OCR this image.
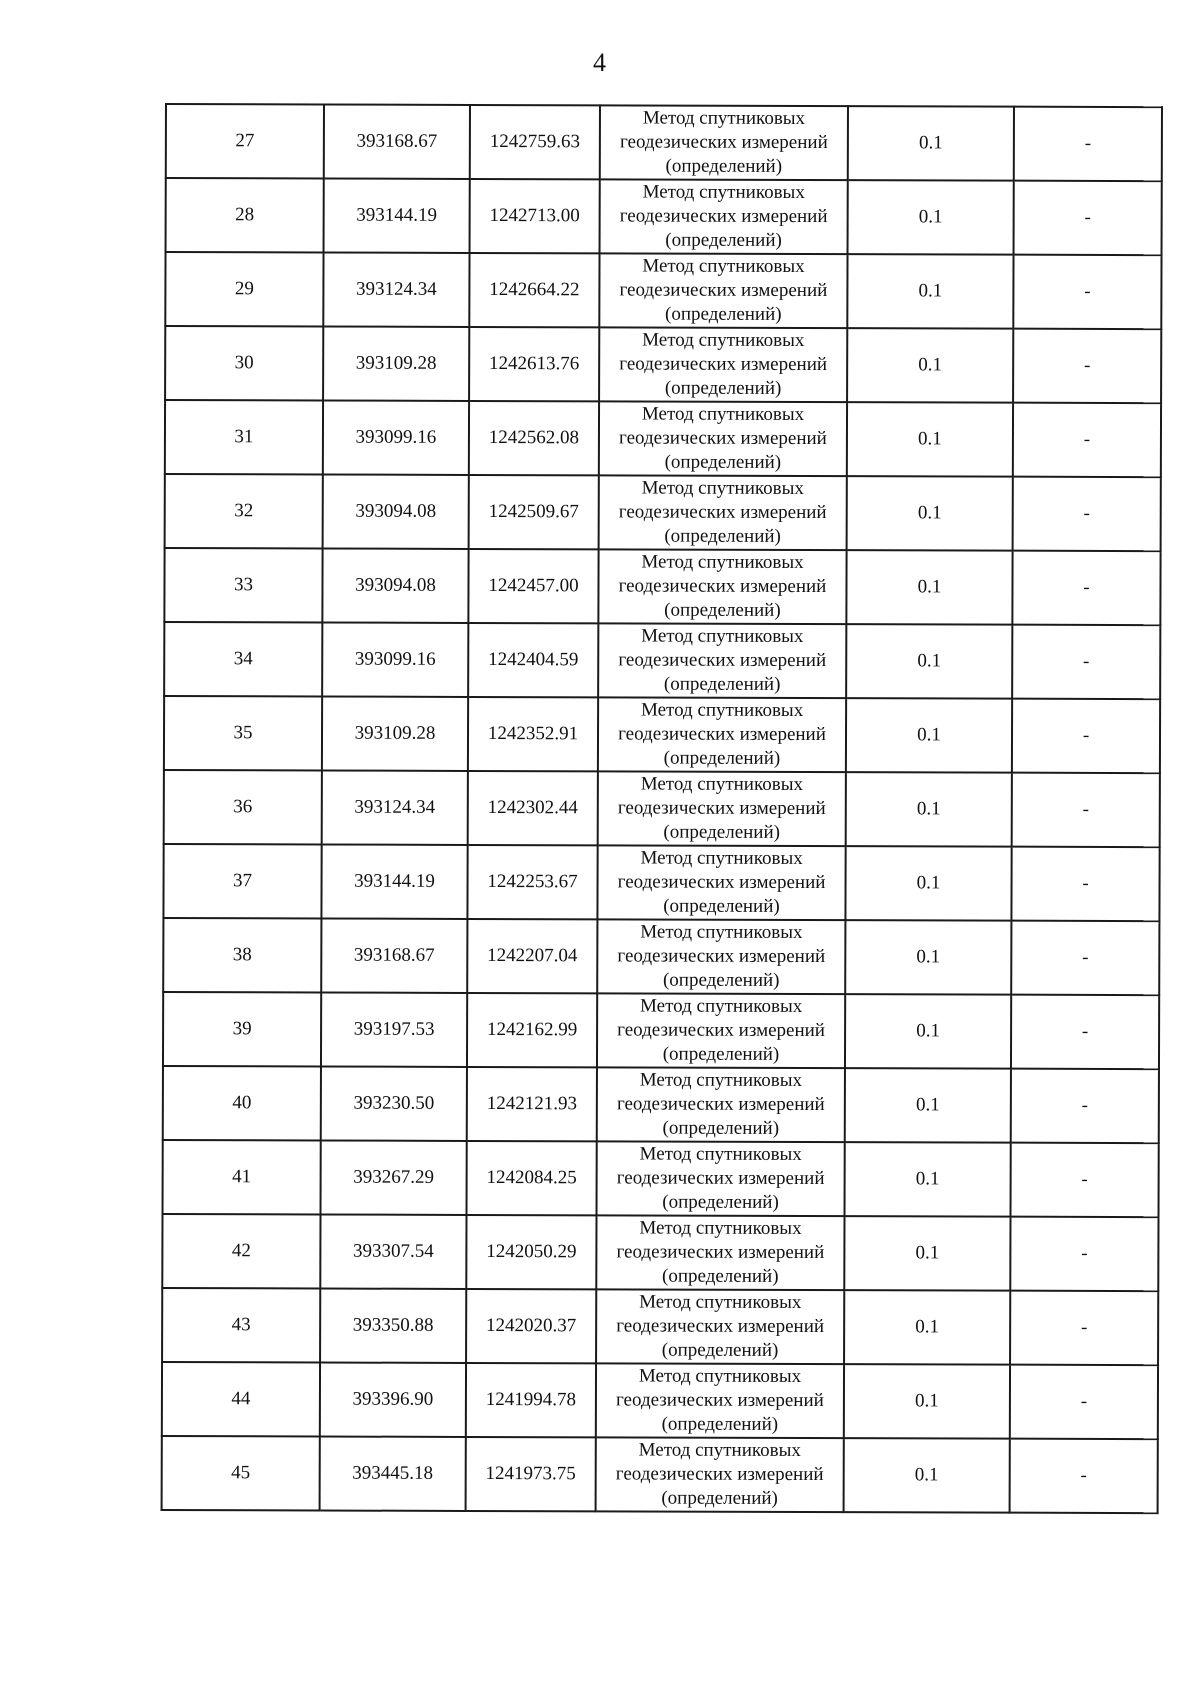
4
27	393168.67	1242759.63	Метод спутниковых
геодезических измерений
(определений)	0.1	-
28	393144.19	1242713.00	Метод спутниковых
геодезических измерений
(определений)	0.1	-
29	393124.34	1242664.22	Метод спутниковых
геодезических измерений
(определений)	0.1	-
30	393109.28	1242613.76	Метод спутниковых
геодезических измерений
(определений)	0.1	-
31	393099.16	1242562.08	Метод спутниковых
геодезических измерений
(определений)	0.1	-
32	393094.08	1242509.67	Метод спутниковых
геодезических измерений
(определений)	0.1	-
33	393094.08	1242457.00	Метод спутниковых
геодезических измерений
(определений)	0.1	-
34	393099.16	1242404.59	Метод спутниковых
геодезических измерений
(определений)	0.1	-
35	393109.28	1242352.91	Метод спутниковых
геодезических измерений
(определений)	0.1	-
36	393124.34	1242302.44	Метод спутниковых
геодезических измерений
(определений)	0.1	-
37	393144.19	1242253.67	Метод спутниковых
геодезических измерений
(определений)	0.1	-
38	393168.67	1242207.04	Метод спутниковых
геодезических измерений
(определений)	0.1	-
39	393197.53	1242162.99	Метод спутниковых
геодезических измерений
(определений)	0.1	-
40	393230.50	1242121.93	Метод спутниковых
геодезических измерений
(определений)	0.1	-
41	393267.29	1242084.25	Метод спутниковых
геодезических измерений
(определений)	0.1	-
42	393307.54	1242050.29	Метод спутниковых
геодезических измерений
(определений)	0.1	-
43	393350.88	1242020.37	Метод спутниковых
геодезических измерений
(определений)	0.1	-
44	393396.90	1241994.78	Метод спутниковых
геодезических измерений
(определений)	0.1	-
45	393445.18	1241973.75	Метод спутниковых
геодезических измерений
(определений)	0.1	-
